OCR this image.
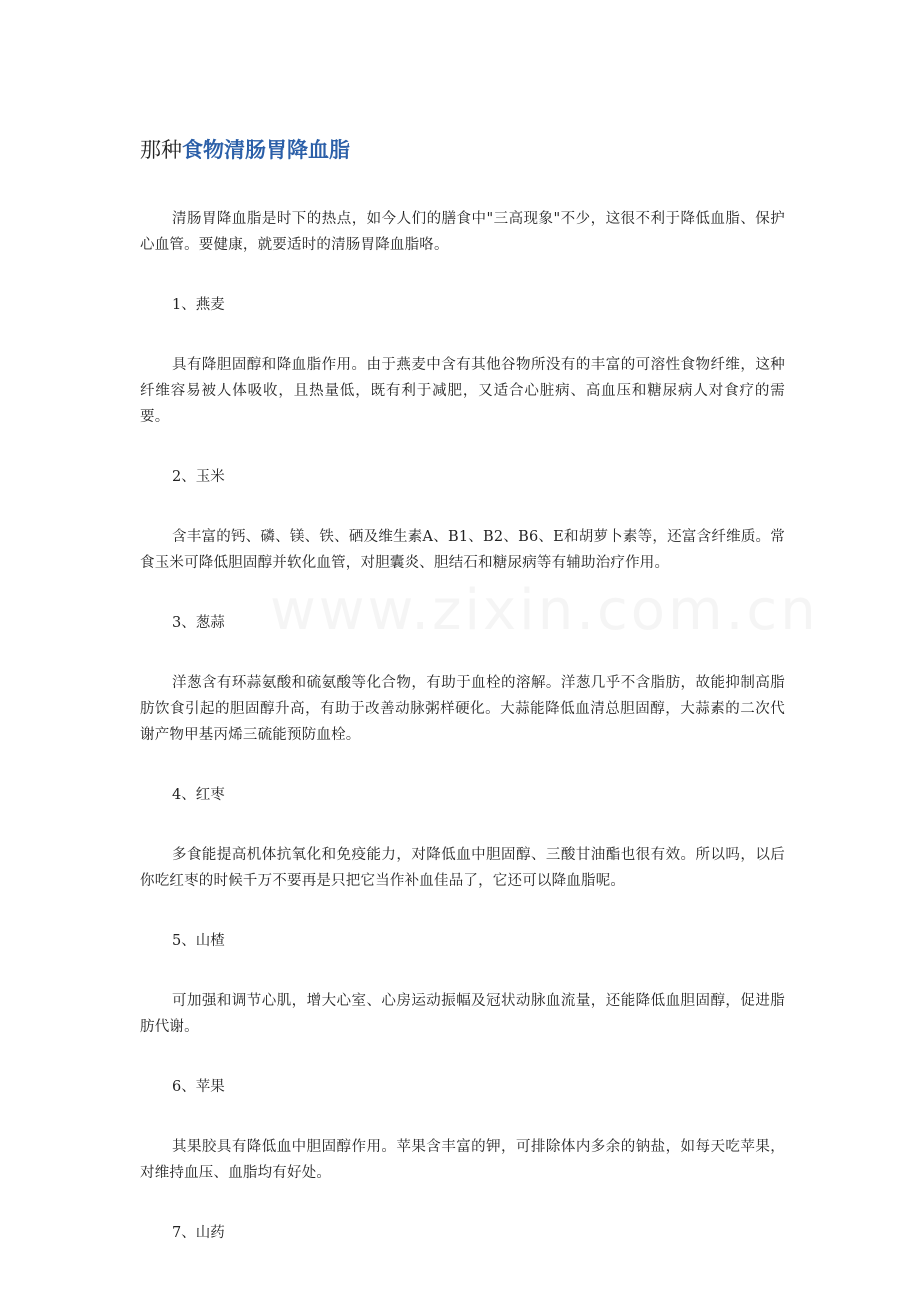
www.zixin.com.cn
那种食物清肠胃降血脂

清肠胃降血脂是时下的热点，如今人们的膳食中"三高现象"不少，这很不利于降低血脂、保护心血管。要健康，就要适时的清肠胃降血脂咯。

1、燕麦

具有降胆固醇和降血脂作用。由于燕麦中含有其他谷物所没有的丰富的可溶性食物纤维，这种纤维容易被人体吸收，且热量低，既有利于减肥，又适合心脏病、高血压和糖尿病人对食疗的需要。

2、玉米

含丰富的钙、磷、镁、铁、硒及维生素A、B1、B2、B6、E和胡萝卜素等，还富含纤维质。常食玉米可降低胆固醇并软化血管，对胆囊炎、胆结石和糖尿病等有辅助治疗作用。

3、葱蒜

洋葱含有环蒜氨酸和硫氨酸等化合物，有助于血栓的溶解。洋葱几乎不含脂肪，故能抑制高脂肪饮食引起的胆固醇升高，有助于改善动脉粥样硬化。大蒜能降低血清总胆固醇，大蒜素的二次代谢产物甲基丙烯三硫能预防血栓。

4、红枣

多食能提高机体抗氧化和免疫能力，对降低血中胆固醇、三酸甘油酯也很有效。所以吗，以后你吃红枣的时候千万不要再是只把它当作补血佳品了，它还可以降血脂呢。

5、山楂

可加强和调节心肌，增大心室、心房运动振幅及冠状动脉血流量，还能降低血胆固醇，促进脂肪代谢。

6、苹果

其果胶具有降低血中胆固醇作用。苹果含丰富的钾，可排除体内多余的钠盐，如每天吃苹果，对维持血压、血脂均有好处。

7、山药
